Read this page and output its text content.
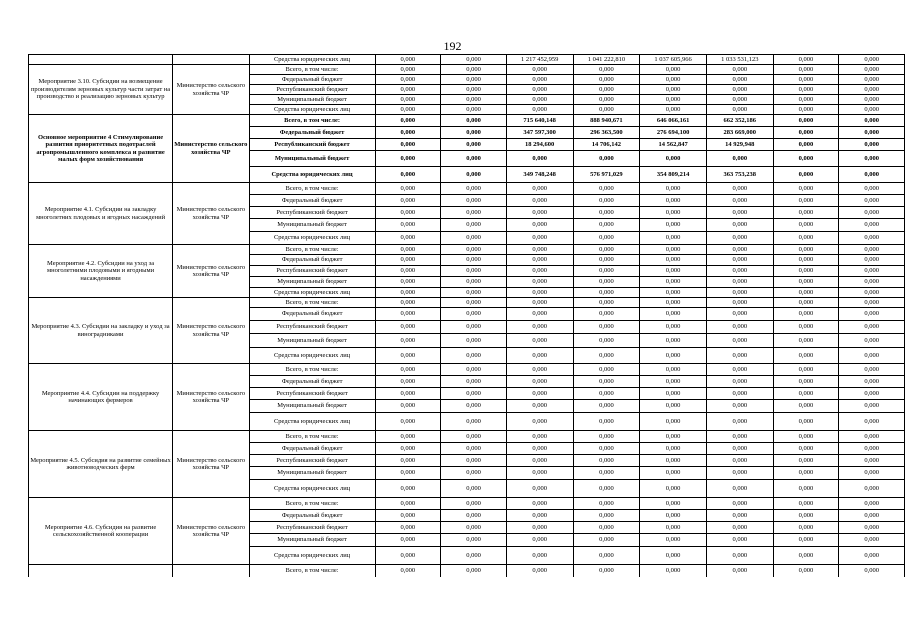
192
		Средства юридических лиц	0,000	0,000	1 217 452,959	1 041 222,810	1 037 605,966	1 033 531,123	0,000	0,000
Мероприятие 3.10. Субсидии на возмещение производителям зерновых культур части затрат на производство и реализацию зерновых культур	Министерство сельского хозяйства ЧР	Всего, в том числе:	0,000	0,000	0,000	0,000	0,000	0,000	0,000	0,000
		Федеральный бюджет	0,000	0,000	0,000	0,000	0,000	0,000	0,000	0,000
		Республиканский бюджет	0,000	0,000	0,000	0,000	0,000	0,000	0,000	0,000
		Муниципальный бюджет	0,000	0,000	0,000	0,000	0,000	0,000	0,000	0,000
		Средства юридических лиц	0,000	0,000	0,000	0,000	0,000	0,000	0,000	0,000
Основное мероприятие 4 Стимулирование развития приоритетных подотраслей агропромышленного комплекса и развитие малых форм хозяйствования	Министерство сельского хозяйства ЧР	Всего, в том числе:	0,000	0,000	715 640,148	888 940,671	646 066,161	662 352,186	0,000	0,000
		Федеральный бюджет	0,000	0,000	347 597,300	296 363,500	276 694,100	283 669,000	0,000	0,000
		Республиканский бюджет	0,000	0,000	18 294,600	14 706,142	14 562,847	14 929,948	0,000	0,000
		Муниципальный бюджет	0,000	0,000	0,000	0,000	0,000	0,000	0,000	0,000
		Средства юридических лиц	0,000	0,000	349 748,248	576 971,029	354 809,214	363 753,238	0,000	0,000
Мероприятие 4.1. Субсидии на закладку многолетних плодовых и ягодных насаждений	Министерство сельского хозяйства ЧР	Всего, в том числе:	0,000	0,000	0,000	0,000	0,000	0,000	0,000	0,000
		Федеральный бюджет	0,000	0,000	0,000	0,000	0,000	0,000	0,000	0,000
		Республиканский бюджет	0,000	0,000	0,000	0,000	0,000	0,000	0,000	0,000
		Муниципальный бюджет	0,000	0,000	0,000	0,000	0,000	0,000	0,000	0,000
		Средства юридических лиц	0,000	0,000	0,000	0,000	0,000	0,000	0,000	0,000
Мероприятие 4.2. Субсидии на уход за многолетними плодовыми и ягодными насаждениями	Министерство сельского хозяйства ЧР	Всего, в том числе:	0,000	0,000	0,000	0,000	0,000	0,000	0,000	0,000
		Федеральный бюджет	0,000	0,000	0,000	0,000	0,000	0,000	0,000	0,000
		Республиканский бюджет	0,000	0,000	0,000	0,000	0,000	0,000	0,000	0,000
		Муниципальный бюджет	0,000	0,000	0,000	0,000	0,000	0,000	0,000	0,000
		Средства юридических лиц	0,000	0,000	0,000	0,000	0,000	0,000	0,000	0,000
Мероприятие 4.3. Субсидии на закладку и уход за виноградниками	Министерство сельского хозяйства ЧР	Всего, в том числе:	0,000	0,000	0,000	0,000	0,000	0,000	0,000	0,000
		Федеральный бюджет	0,000	0,000	0,000	0,000	0,000	0,000	0,000	0,000
		Республиканский бюджет	0,000	0,000	0,000	0,000	0,000	0,000	0,000	0,000
		Муниципальный бюджет	0,000	0,000	0,000	0,000	0,000	0,000	0,000	0,000
		Средства юридических лиц	0,000	0,000	0,000	0,000	0,000	0,000	0,000	0,000
Мероприятие 4.4. Субсидии на поддержку начинающих фермеров	Министерство сельского хозяйства ЧР	Всего, в том числе:	0,000	0,000	0,000	0,000	0,000	0,000	0,000	0,000
		Федеральный бюджет	0,000	0,000	0,000	0,000	0,000	0,000	0,000	0,000
		Республиканский бюджет	0,000	0,000	0,000	0,000	0,000	0,000	0,000	0,000
		Муниципальный бюджет	0,000	0,000	0,000	0,000	0,000	0,000	0,000	0,000
		Средства юридических лиц	0,000	0,000	0,000	0,000	0,000	0,000	0,000	0,000
Мероприятие 4.5. Субсидия на развитие семейных животноводческих ферм	Министерство сельского хозяйства ЧР	Всего, в том числе:	0,000	0,000	0,000	0,000	0,000	0,000	0,000	0,000
		Федеральный бюджет	0,000	0,000	0,000	0,000	0,000	0,000	0,000	0,000
		Республиканский бюджет	0,000	0,000	0,000	0,000	0,000	0,000	0,000	0,000
		Муниципальный бюджет	0,000	0,000	0,000	0,000	0,000	0,000	0,000	0,000
		Средства юридических лиц	0,000	0,000	0,000	0,000	0,000	0,000	0,000	0,000
Мероприятие 4.6. Субсидия на развитие сельскохозяйственной кооперации	Министерство сельского хозяйства ЧР	Всего, в том числе:	0,000	0,000	0,000	0,000	0,000	0,000	0,000	0,000
		Федеральный бюджет	0,000	0,000	0,000	0,000	0,000	0,000	0,000	0,000
		Республиканский бюджет	0,000	0,000	0,000	0,000	0,000	0,000	0,000	0,000
		Муниципальный бюджет	0,000	0,000	0,000	0,000	0,000	0,000	0,000	0,000
		Средства юридических лиц	0,000	0,000	0,000	0,000	0,000	0,000	0,000	0,000
		Всего, в том числе:	0,000	0,000	0,000	0,000	0,000	0,000	0,000	0,000
